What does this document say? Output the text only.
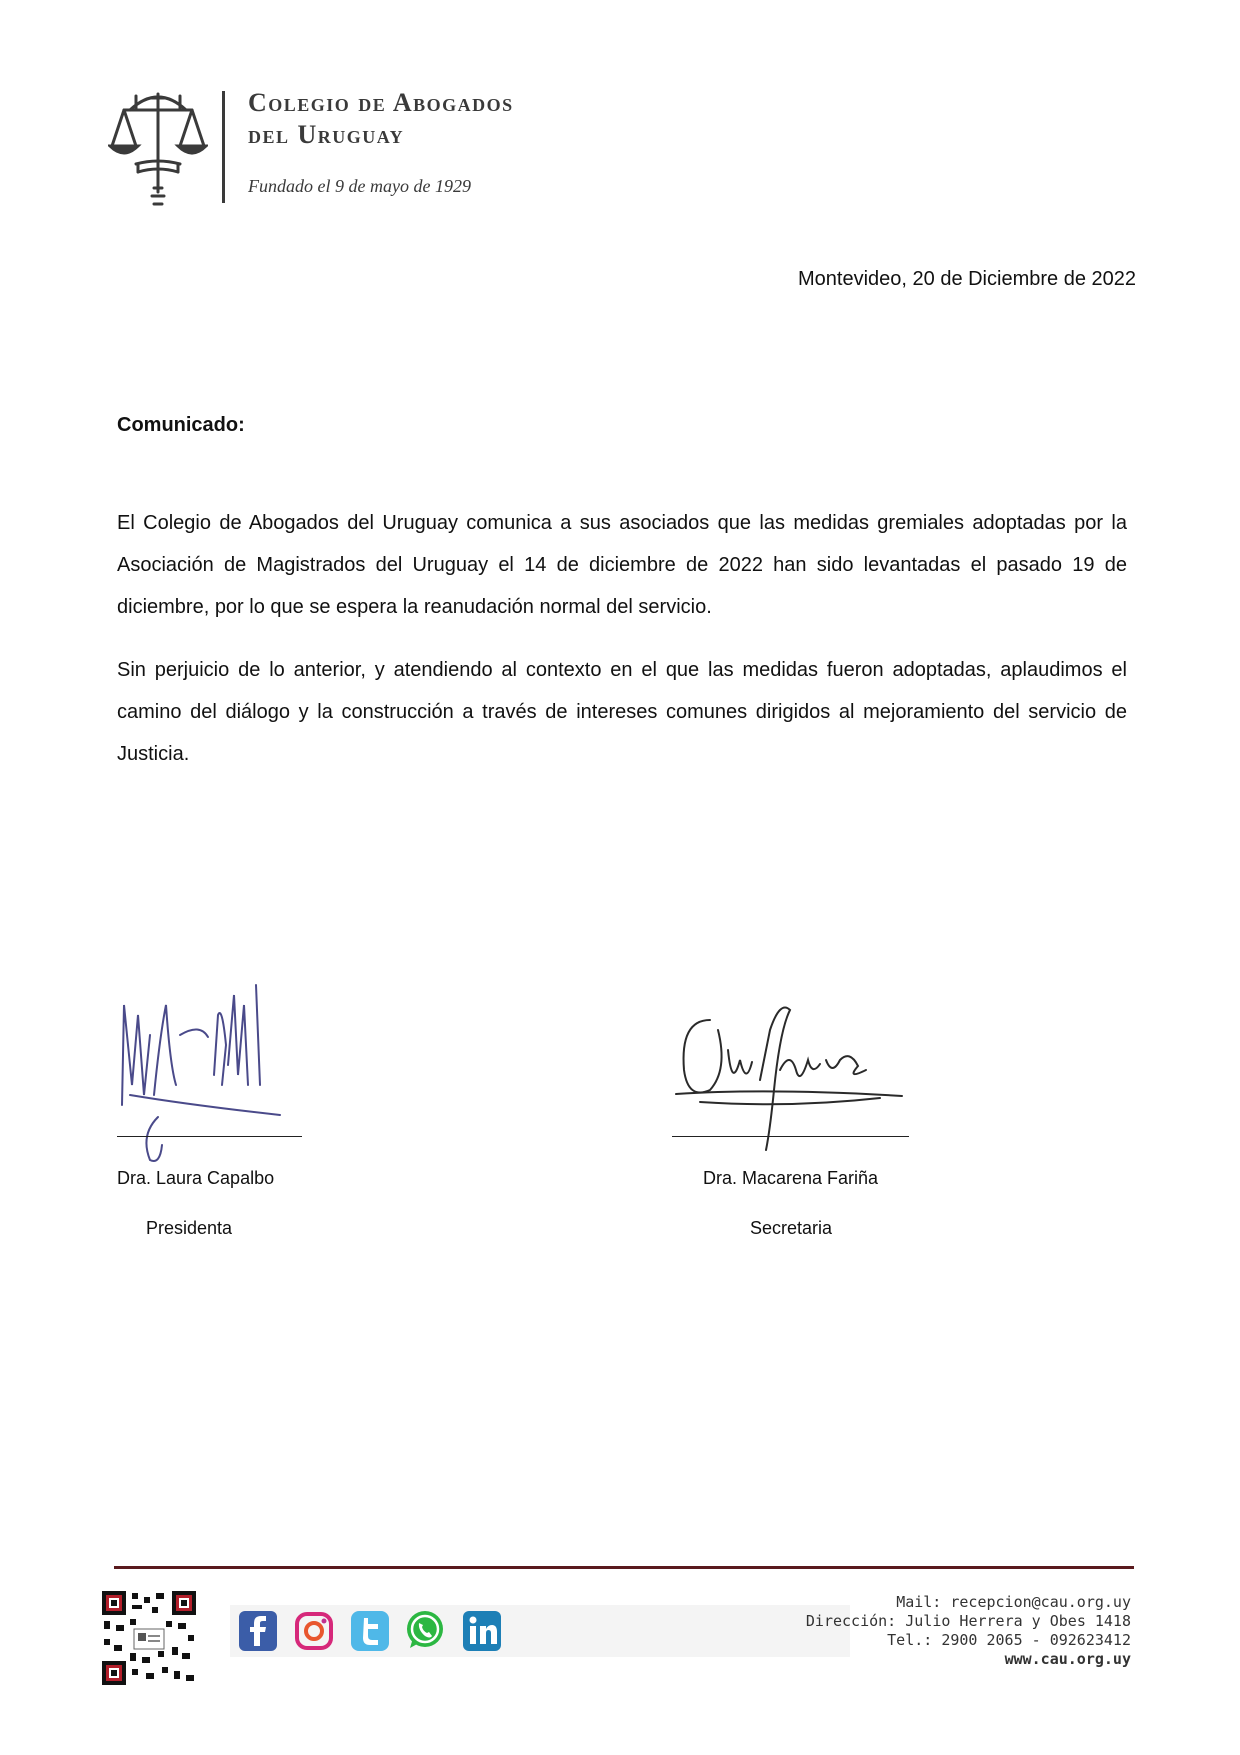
Colegio de Abogados
del Uruguay
Fundado el 9 de mayo de 1929
Montevideo, 20 de Diciembre de 2022
Comunicado:
El Colegio de Abogados del Uruguay comunica a sus asociados que las medidas gremiales adoptadas por la Asociación de Magistrados del Uruguay el 14 de diciembre de 2022 han sido levantadas el pasado 19 de diciembre, por lo que se espera la reanudación normal del servicio.
Sin perjuicio de lo anterior, y atendiendo al contexto en el que las medidas fueron adoptadas, aplaudimos el camino del diálogo y la construcción a través de intereses comunes dirigidos al mejoramiento del servicio de Justicia.
Dra. Laura Capalbo
Presidenta
Dra. Macarena Fariña
Secretaria
Mail: recepcion@cau.org.uy
Dirección: Julio Herrera y Obes 1418
Tel.: 2900 2065 - 092623412
www.cau.org.uy
